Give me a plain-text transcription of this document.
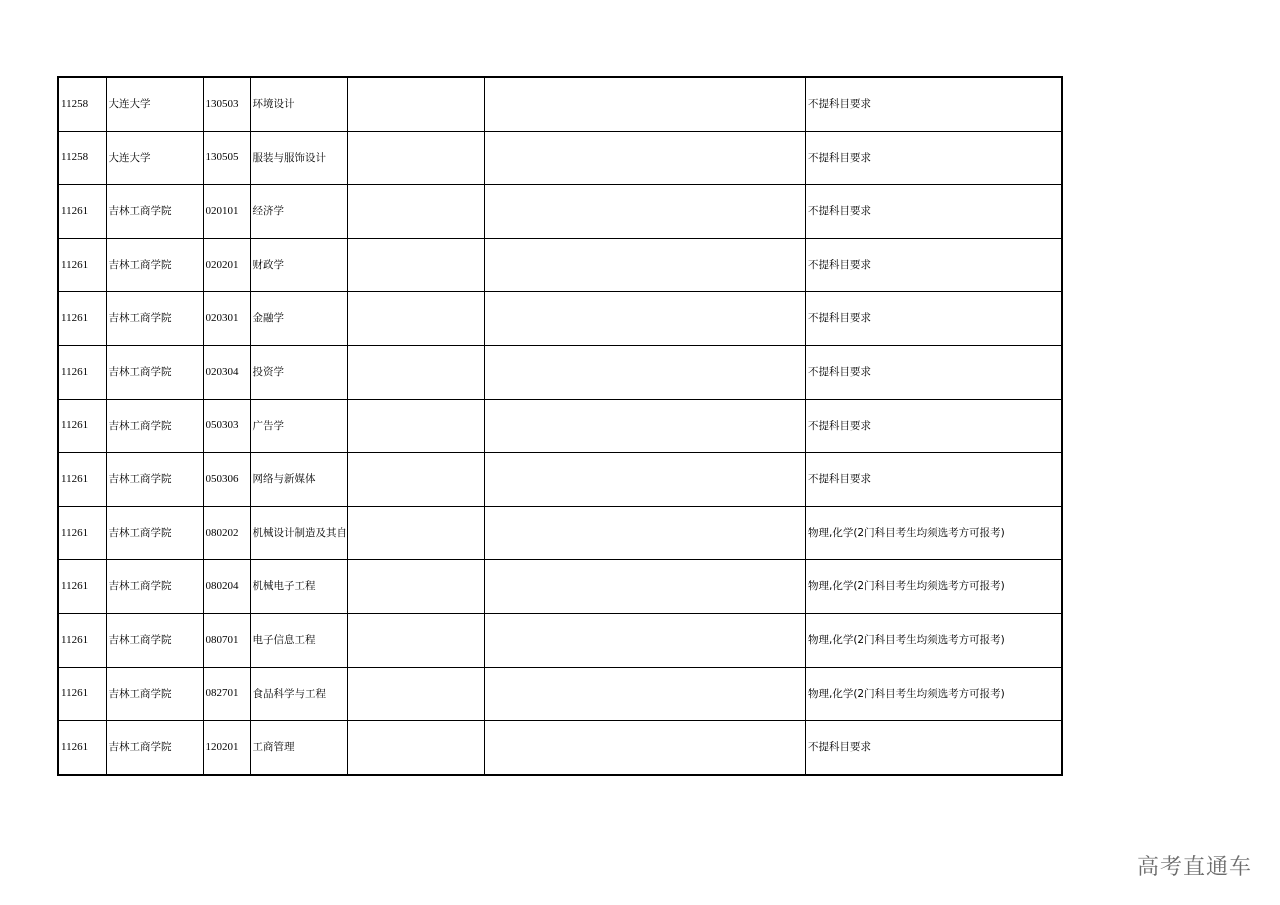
11258	大连大学	130503	环境设计			不提科目要求
11258	大连大学	130505	服装与服饰设计			不提科目要求
11261	吉林工商学院	020101	经济学			不提科目要求
11261	吉林工商学院	020201	财政学			不提科目要求
11261	吉林工商学院	020301	金融学			不提科目要求
11261	吉林工商学院	020304	投资学			不提科目要求
11261	吉林工商学院	050303	广告学			不提科目要求
11261	吉林工商学院	050306	网络与新媒体			不提科目要求
11261	吉林工商学院	080202	机械设计制造及其自			物理,化学(2门科目考生均须选考方可报考)
11261	吉林工商学院	080204	机械电子工程			物理,化学(2门科目考生均须选考方可报考)
11261	吉林工商学院	080701	电子信息工程			物理,化学(2门科目考生均须选考方可报考)
11261	吉林工商学院	082701	食品科学与工程			物理,化学(2门科目考生均须选考方可报考)
11261	吉林工商学院	120201	工商管理			不提科目要求
高考直通车
